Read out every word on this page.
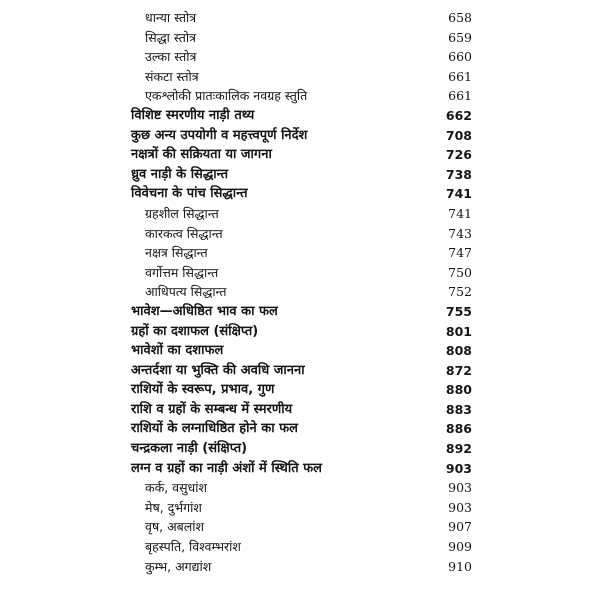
धान्या स्तोत्र	658
सिद्धा स्तोत्र	659
उल्का स्तोत्र	660
संकटा स्तोत्र	661
एकश्लोकी प्रातःकालिक नवग्रह स्तुति	661
विशिष्ट स्मरणीय नाड़ी तथ्य	662
कुछ अन्य उपयोगी व महत्त्वपूर्ण निर्देश	708
नक्षत्रों की सक्रियता या जागना	726
ध्रुव नाड़ी के सिद्धान्त	738
विवेचना के पांच सिद्धान्त	741
ग्रहशील सिद्धान्त	741
कारकत्व सिद्धान्त	743
नक्षत्र सिद्धान्त	747
वर्गोत्तम सिद्धान्त	750
आधिपत्य सिद्धान्त	752
भावेश—अधिष्ठित भाव का फल	755
ग्रहों का दशाफल (संक्षिप्त)	801
भावेशों का दशाफल	808
अन्तर्दशा या भुक्ति की अवधि जानना	872
राशियों के स्वरूप, प्रभाव, गुण	880
राशि व ग्रहों के सम्बन्ध में स्मरणीय	883
राशियों के लग्नाधिष्ठित होने का फल	886
चन्द्रकला नाड़ी (संक्षिप्त)	892
लग्न व ग्रहों का नाड़ी अंशों में स्थिति फल	903
कर्क, वसुधांश	903
मेष, दुर्भगांश	903
वृष, अबलांश	907
बृहस्पति, विश्वम्भरांश	909
कुम्भ, अगद्यांश	910
